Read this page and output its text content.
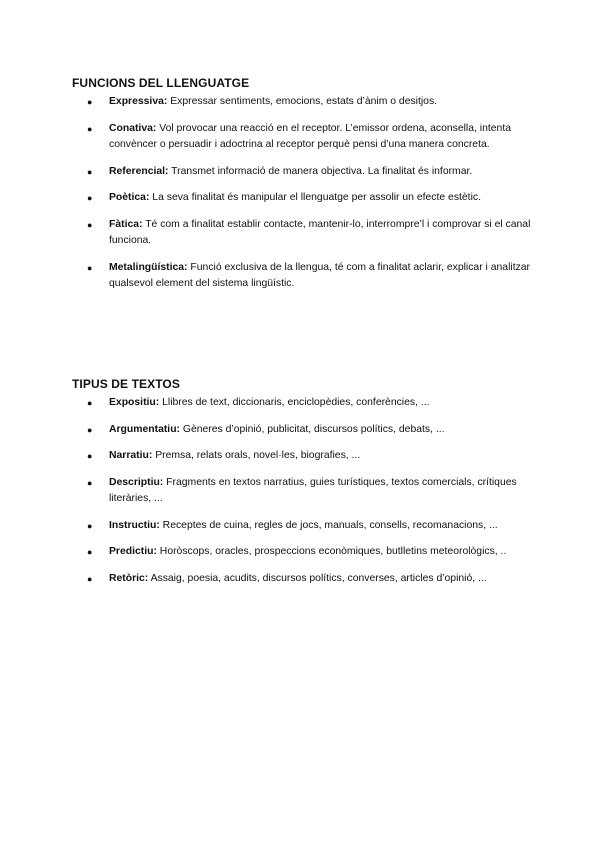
FUNCIONS DEL LLENGUATGE
● Expressiva: Expressar sentiments, emocions, estats d’ànim o desitjos.
● Conativa: Vol provocar una reacció en el receptor. L’emissor ordena, aconsella, intenta convèncer o persuadir i adoctrina al receptor perquè pensi d’una manera concreta.
● Referencial: Transmet informació de manera objectiva. La finalitat és informar.
● Poètica: La seva finalitat és manipular el llenguatge per assolir un efecte estètic.
● Fàtica: Té com a finalitat establir contacte, mantenir-lo, interrompre’l i comprovar si el canal funciona.
● Metalingüística: Funció exclusiva de la llengua, té com a finalitat aclarir, explicar i analitzar qualsevol element del sistema lingüístic.
TIPUS DE TEXTOS
● Expositiu: Llibres de text, diccionaris, enciclopèdies, conferències, ...
● Argumentatiu: Gèneres d’opinió, publicitat, discursos polítics, debats, ...
● Narratiu: Premsa, relats orals, novel·les, biografies, ...
● Descriptiu: Fragments en textos narratius, guies turístiques, textos comercials, crítiques literàries, ...
● Instructiu: Receptes de cuina, regles de jocs, manuals, consells, recomanacions, ...
● Predictiu: Horòscops, oracles, prospeccions econòmiques, butlletins meteorològics, ..
● Retòric: Assaig, poesia, acudits, discursos polítics, converses, articles d’opinió, ...
